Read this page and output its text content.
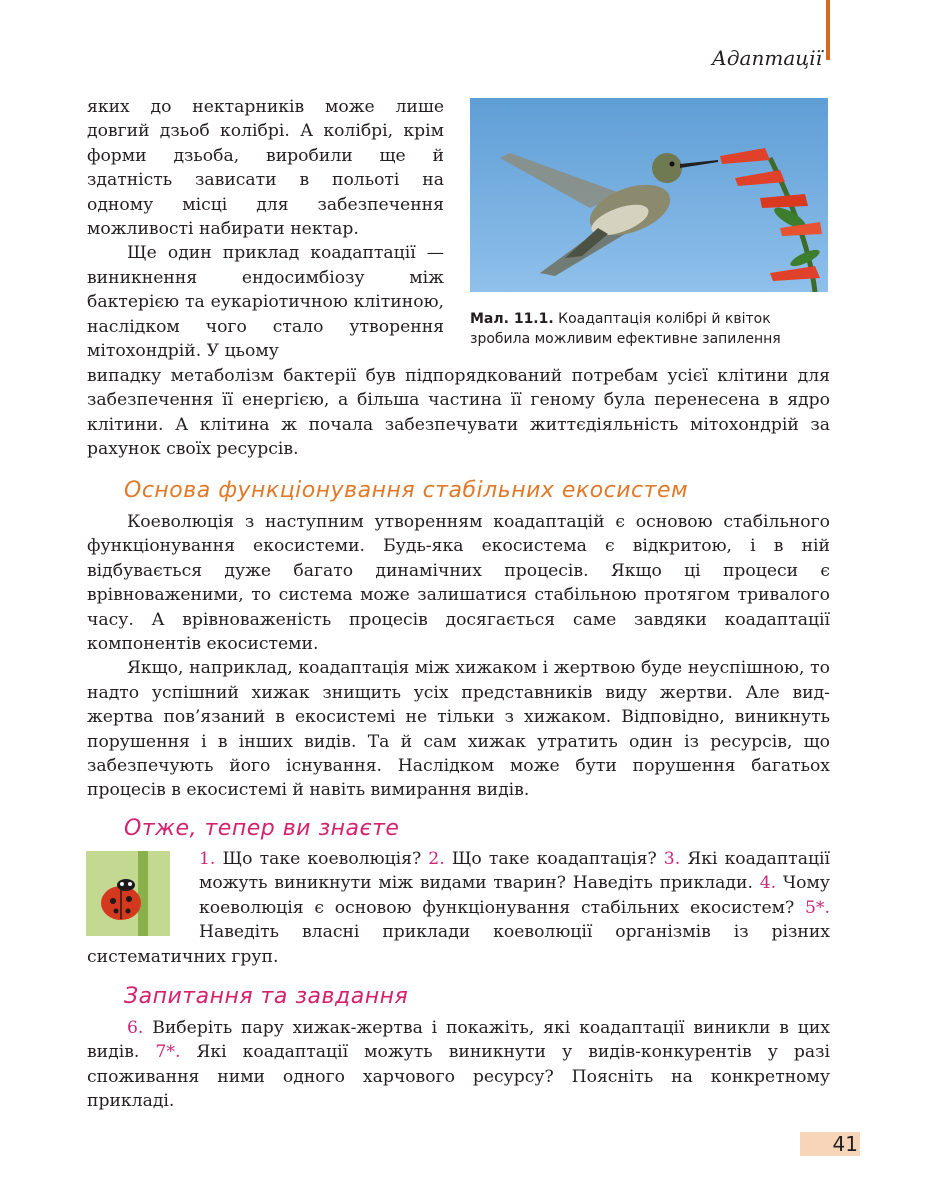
Адаптації

яких до нектарників може лише довгий дзьоб колібрі. А колібрі, крім форми дзьоба, виробили ще й здатність зависати в польоті на одному місці для забезпечення можливості набирати нектар.

Ще один приклад коадаптації — виникнення ендосимбіозу між бактерією та еукаріотичною клітиною, наслідком чого стало утворення мітохондрій. У цьому

Мал. 11.1. Коадаптація колібрі й квіток зробила можливим ефективне запилення

випадку метаболізм бактерії був підпорядкований потребам усієї клітини для забезпечення її енергією, а більша частина її геному була перенесена в ядро клітини. А клітина ж почала забезпечувати життєдіяльність мітохондрій за рахунок своїх ресурсів.

Основа функціонування стабільних екосистем

Коеволюція з наступним утворенням коадаптацій є основою стабільного функціонування екосистеми. Будь-яка екосистема є відкритою, і в ній відбувається дуже багато динамічних процесів. Якщо ці процеси є врівноваженими, то система може залишатися стабільною протягом тривалого часу. А врівноваженість процесів досягається саме завдяки коадаптації компонентів екосистеми.

Якщо, наприклад, коадаптація між хижаком і жертвою буде неуспішною, то надто успішний хижак знищить усіх представників виду жертви. Але вид-жертва пов’язаний в екосистемі не тільки з хижаком. Відповідно, виникнуть порушення і в інших видів. Та й сам хижак утратить один із ресурсів, що забезпечують його існування. Наслідком може бути порушення багатьох процесів в екосистемі й навіть вимирання видів.

Отже, тепер ви знаєте

1. Що таке коеволюція? 2. Що таке коадаптація? 3. Які коадаптації можуть виникнути між видами тварин? Наведіть приклади. 4. Чому коеволюція є основою функціонування стабільних екосистем? 5*. Наведіть власні приклади коеволюції організмів із різних систематичних груп.

Запитання та завдання

6. Виберіть пару хижак-жертва і покажіть, які коадаптації виникли в цих видів. 7*. Які коадаптації можуть виникнути у видів-конкурентів у разі споживання ними одного харчового ресурсу? Поясніть на конкретному прикладі.

41
